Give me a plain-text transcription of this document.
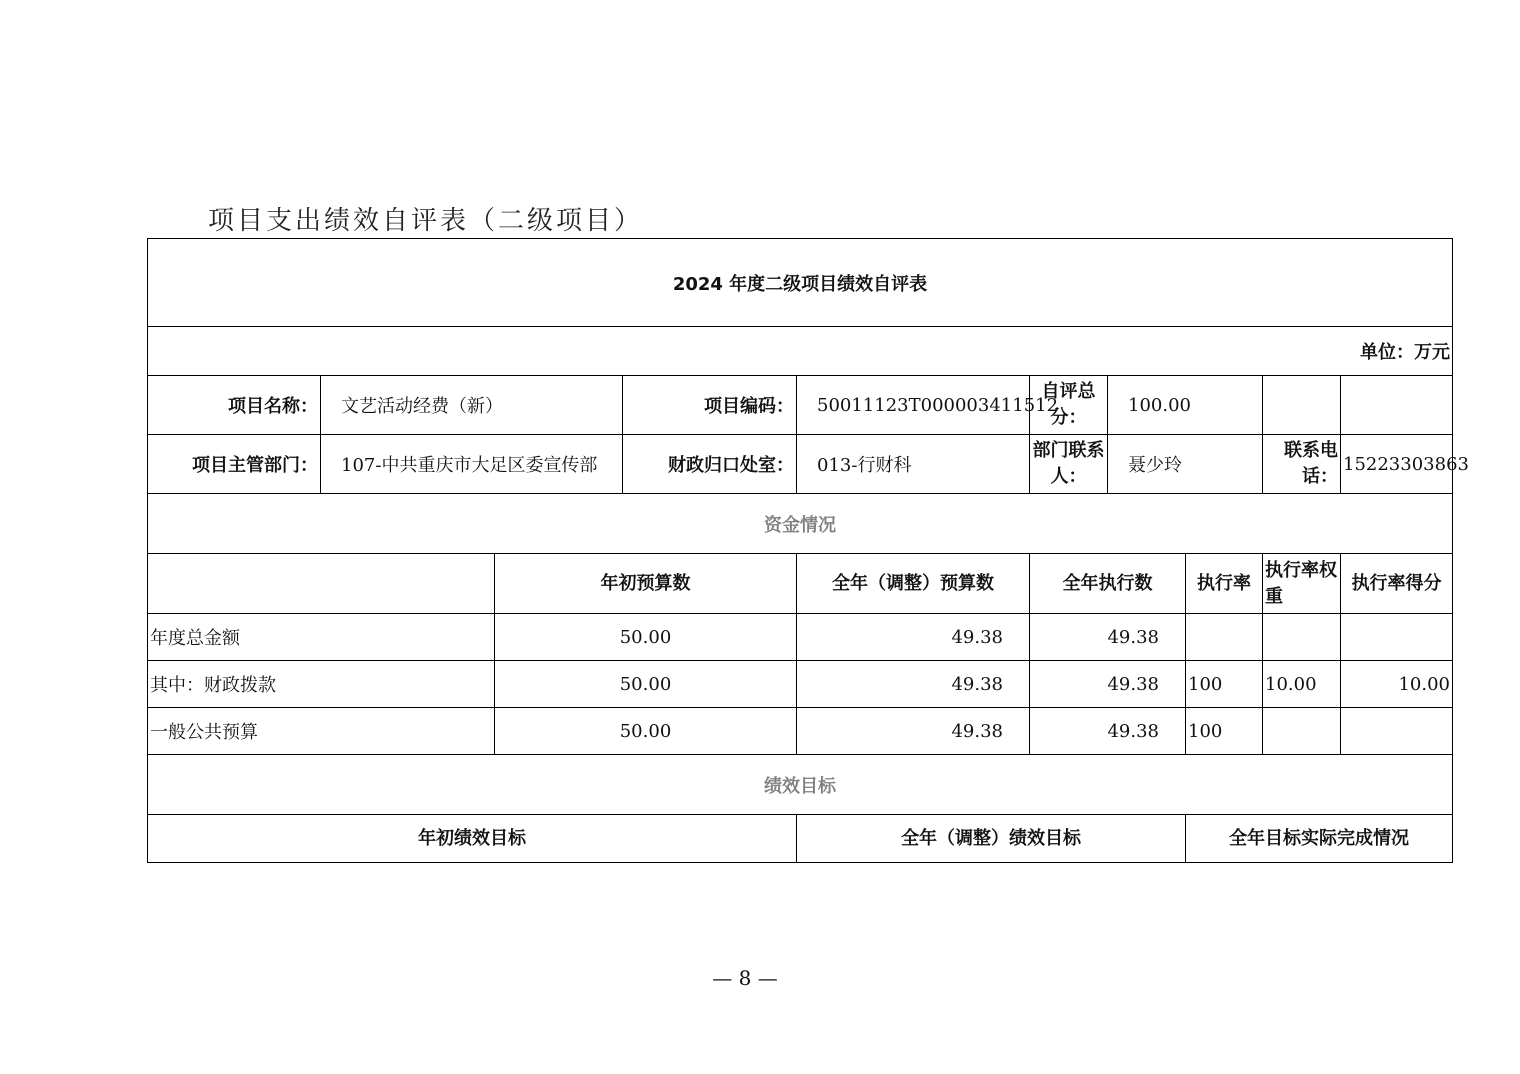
项目支出绩效自评表（二级项目）
2024 年度二级项目绩效自评表									
单位：万元									
项目名称：	文艺活动经费（新）		项目编码：	50011123T000003411512	自评总分：	100.00			
项目主管部门：	107-中共重庆市大足区委宣传部		财政归口处室：	013-行财科	部门联系人：	聂少玲		联系电话：	15223303863
资金情况									
		年初预算数		全年（调整）预算数	全年执行数		执行率	执行率权重	执行率得分
年度总金额		50.00		49.38	49.38				
其中：财政拨款		50.00		49.38	49.38		100	10.00	10.00
一般公共预算		50.00		49.38	49.38		100		
绩效目标									
年初绩效目标				全年（调整）绩效目标			全年目标实际完成情况		
— 8 —
